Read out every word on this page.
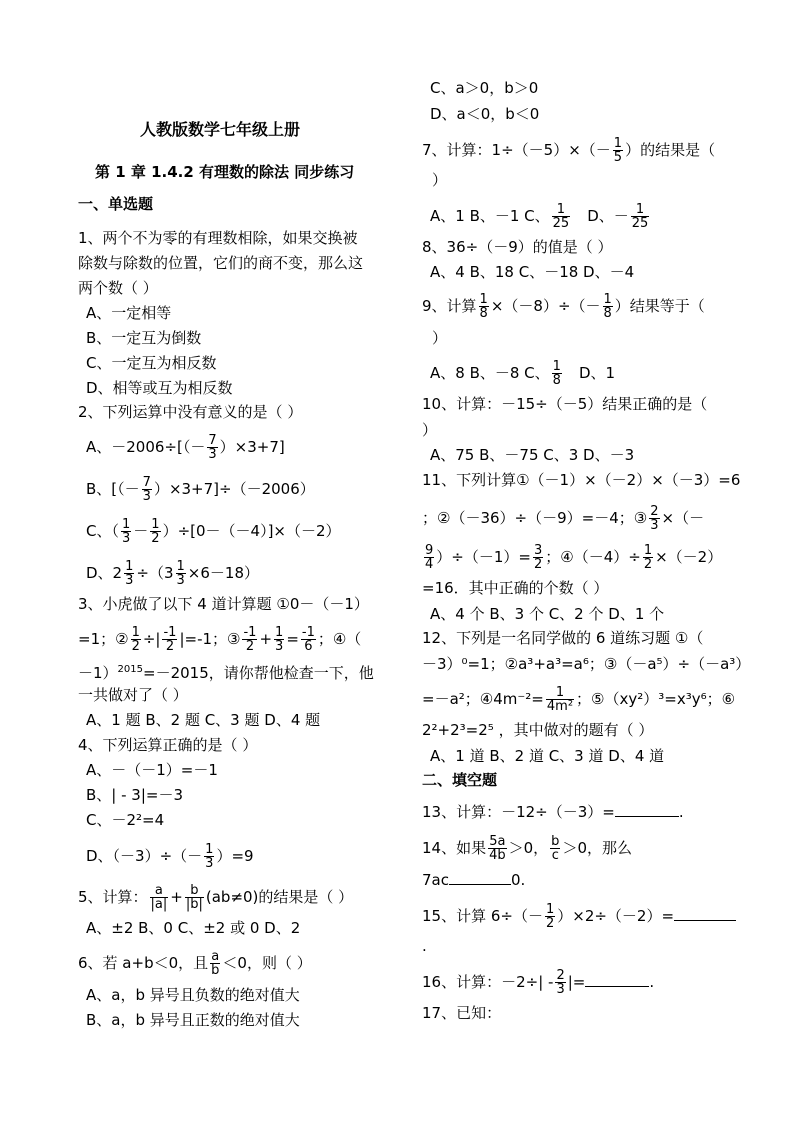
人教版数学七年级上册
第 1 章 1.4.2 有理数的除法 同步练习
一、单选题
1、两个不为零的有理数相除，如果交换被
除数与除数的位置，它们的商不变，那么这
两个数（ ）
A、一定相等
B、一定互为倒数
C、一定互为相反数
D、相等或互为相反数
2、下列运算中没有意义的是（ ）
A、$-2006\div[(- \frac{7}{3} )\times 3+7]$
B、[（－ $\frac{7}{3} )\times 3+7]\div(-2006)$
C、（ $\frac{1}{3} - \frac{1}{2} )\div[0-(-4)]\times(-2)$
D、$2 \frac{1}{3} \div(3 \frac{1}{3} \times 6-18)$
3、小虎做了以下 4 道计算题 ①0－（－1）
=1；② $\frac{1}{2}$ ÷| $\frac{-1}{2} |=-1$；③ $\frac{-1}{2} + \frac{1}{3} = \frac{-1}{6}$ ；④（
－1）$^{2015}$=－2015，请你帮他检查一下，他
一共做对了（ ）
A、1 题 B、2 题 C、3 题 D、4 题
4、下列运算正确的是（ ）
A、－（－1）=－1
B、| - 3|=－3
C、－2²=4
D、$(-3)\div(- \frac{1}{3} )=9$
5、计算： $\frac{a}{|a|} + \frac{b}{|b|} (ab\ne 0)$的结果是（ ）
A、±2 B、0 C、±2 或 0 D、2
6、若 a+b＜0，且 $\frac{a}{b} <0$，则（ ）
A、a，b 异号且负数的绝对值大
B、a，b 异号且正数的绝对值大
C、a＞0，b＞0
D、a＜0，b＜0
7、计算：$1\div(-5)\times(- \frac{1}{5}$ ）的结果是（
）
A、1 B、－1 C、 $\frac{1}{25}$
　 D、－ $\frac{1}{25}$
8、36÷（－9）的值是（ ）
A、4 B、18 C、－18 D、－4
9、计算 $\frac{1}{8} \times(-8)\div(- \frac{1}{8}$ ）结果等于（
）
A、8 B、－8 C、 $\frac{1}{8}$
　 D、1
10、计算：－15÷（－5）结果正确的是（
）
A、75 B、－75 C、3 D、－3
11、下列计算①（－1）×（－2）×（－3）=6
；②（－36）÷（－9）=－4；③ $\frac{2}{3}$ ×（－
$\frac{9}{4} )\div(-1)= \frac{3}{2}$ ；④（－4）÷ $\frac{1}{2} \times(-2)$
=16．其中正确的个数（ ）
A、4 个 B、3 个 C、2 个 D、1 个
12、下列是一名同学做的 6 道练习题 ①（
－3）⁰=1；②a³+a³=a⁶；③（－a⁵）÷（－a³）
=－a²；④4m⁻²= $\frac{1}{\text{4m²}}$ ；⑤（xy²）³=x³y⁶；⑥
2²+2³=2⁵ ，其中做对的题有（ ）
A、1 道 B、2 道 C、3 道 D、4 道
二、填空题
13、计算：－12÷（－3）=	.
14、如果 $\frac{5a}{4b} >0$， $\frac{b}{c} >0$，那么
7ac	0.
15、计算 $6\div(- \frac{1}{2} )\times 2\div(-2)=$
.
16、计算：$-2\div| - \frac{2}{3}$ |=	.
17、已知：
